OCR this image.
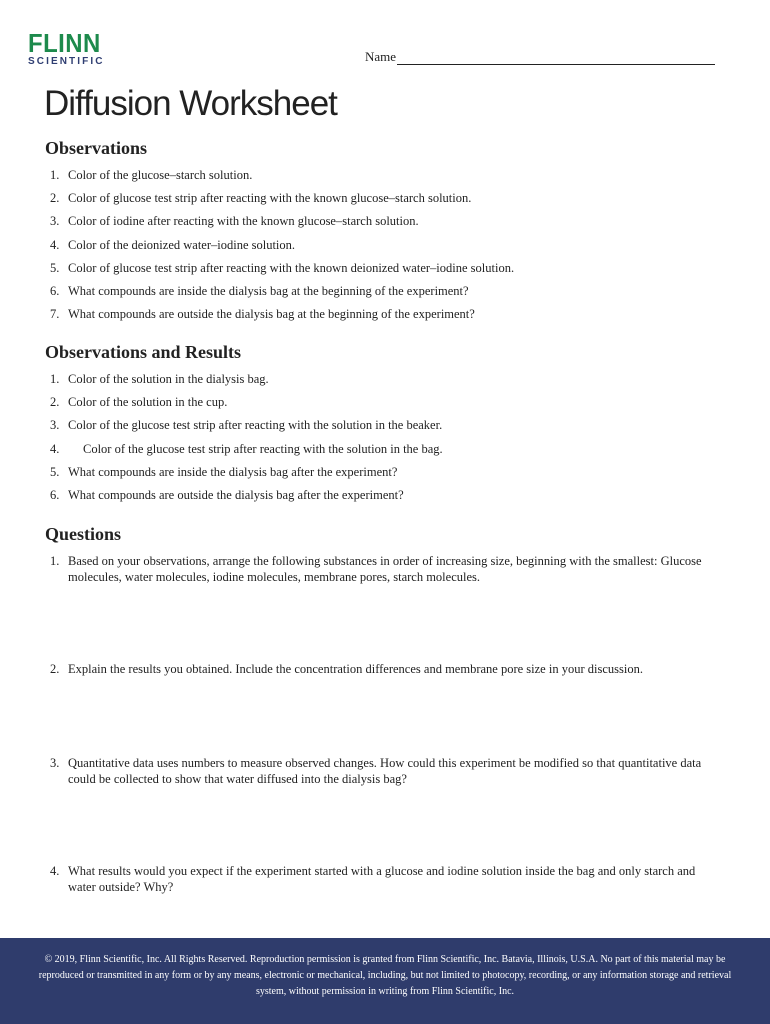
FLINN
SCIENTIFIC	Name
Diffusion Worksheet
Observations
1. Color of the glucose–starch solution.
2. Color of glucose test strip after reacting with the known glucose–starch solution.
3. Color of iodine after reacting with the known glucose–starch solution.
4. Color of the deionized water–iodine solution.
5. Color of glucose test strip after reacting with the known deionized water–iodine solution.
6. What compounds are inside the dialysis bag at the beginning of the experiment?
7. What compounds are outside the dialysis bag at the beginning of the experiment?
Observations and Results
1. Color of the solution in the dialysis bag.
2. Color of the solution in the cup.
3. Color of the glucose test strip after reacting with the solution in the beaker.
4.	Color of the glucose test strip after reacting with the solution in the bag.
5. What compounds are inside the dialysis bag after the experiment?
6. What compounds are outside the dialysis bag after the experiment?
Questions
1. Based on your observations, arrange the following substances in order of increasing size, beginning with the smallest: Glucose molecules, water molecules, iodine molecules, membrane pores, starch molecules.
2. Explain the results you obtained. Include the concentration differences and membrane pore size in your discussion.
3. Quantitative data uses numbers to measure observed changes. How could this experiment be modified so that quantitative data could be collected to show that water diffused into the dialysis bag?
4. What results would you expect if the experiment started with a glucose and iodine solution inside the bag and only starch and water outside? Why?
© 2019, Flinn Scientific, Inc. All Rights Reserved. Reproduction permission is granted from Flinn Scientific, Inc. Batavia, Illinois, U.S.A. No part of this material may be reproduced or transmitted in any form or by any means, electronic or mechanical, including, but not limited to photocopy, recording, or any information storage and retrieval system, without permission in writing from Flinn Scientific, Inc.
